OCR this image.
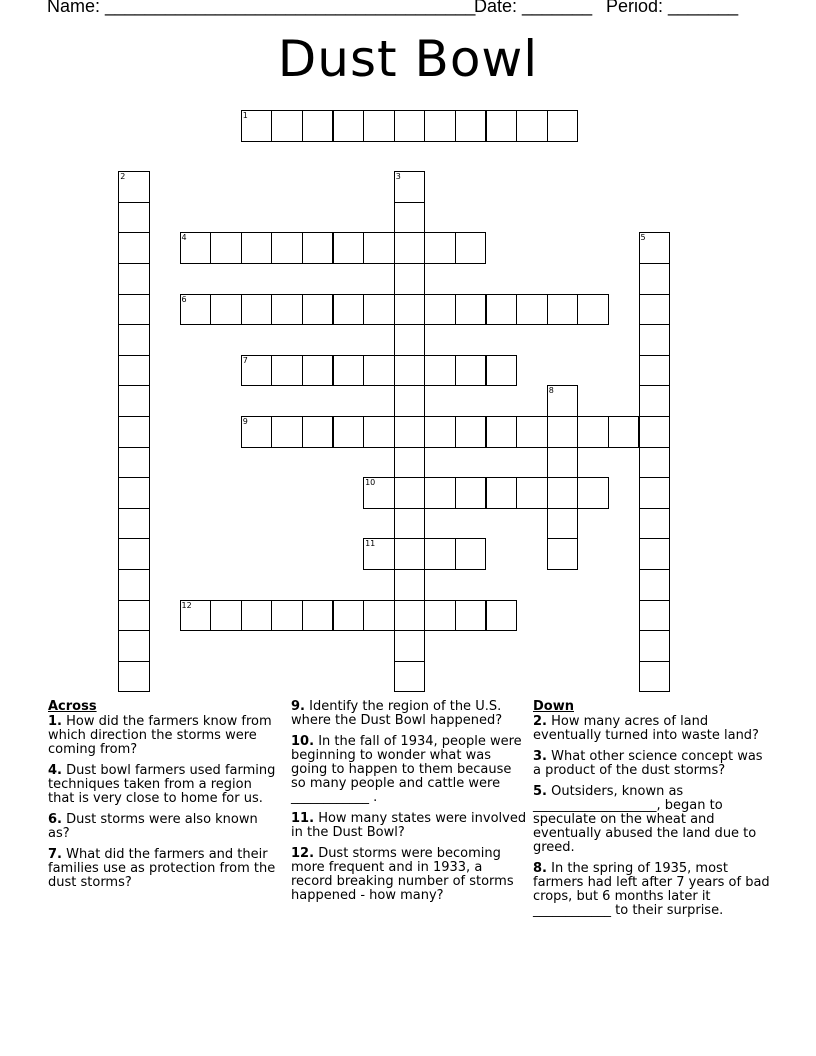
Name: _____________________________________
Date: _______ Period: _______
Dust Bowl
1
2	3
4	5
6
7
8
9
10
11
12
Across
1. How did the farmers know from which direction the storms were coming from?
4. Dust bowl farmers used farming techniques taken from a region that is very close to home for us.
6. Dust storms were also known as?
7. What did the farmers and their families use as protection from the dust storms?
9. Identify the region of the U.S. where the Dust Bowl happened?
10. In the fall of 1934, people were beginning to wonder what was going to happen to them because so many people and cattle were ____________ .
11. How many states were involved in the Dust Bowl?
12. Dust storms were becoming more frequent and in 1933, a record breaking number of storms happened - how many?
Down
2. How many acres of land eventually turned into waste land?
3. What other science concept was a product of the dust storms?
5. Outsiders, known as ___________________, began to speculate on the wheat and eventually abused the land due to greed.
8. In the spring of 1935, most farmers had left after 7 years of bad crops, but 6 months later it ____________ to their surprise.
